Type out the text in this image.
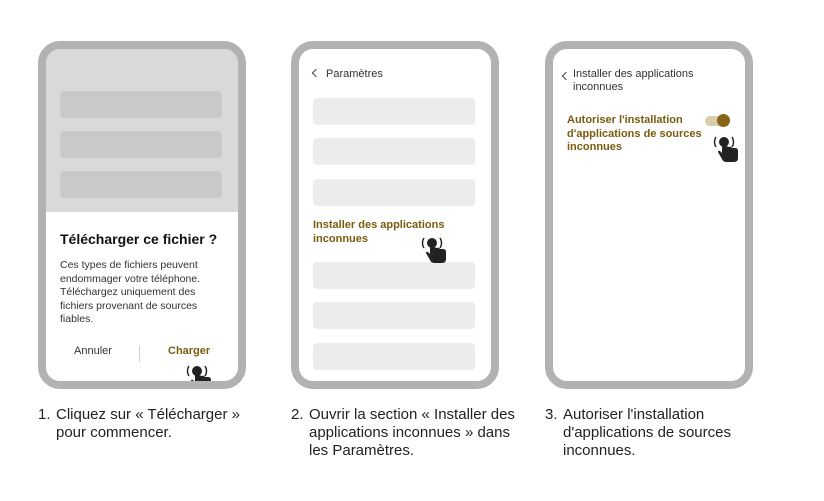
Télécharger ce fichier ?
Ces types de fichiers peuvent endommager votre téléphone. Téléchargez uniquement des fichiers provenant de sources fiables.
Annuler	Charger
Paramètres
Installer des applications inconnues
Installer des applications inconnues
Autoriser l'installation d'applications de sources inconnues
1. Cliquez sur « Télécharger » pour commencer.
2. Ouvrir la section « Installer des applications inconnues » dans les Paramètres.
3. Autoriser l'installation d'applications de sources inconnues.
